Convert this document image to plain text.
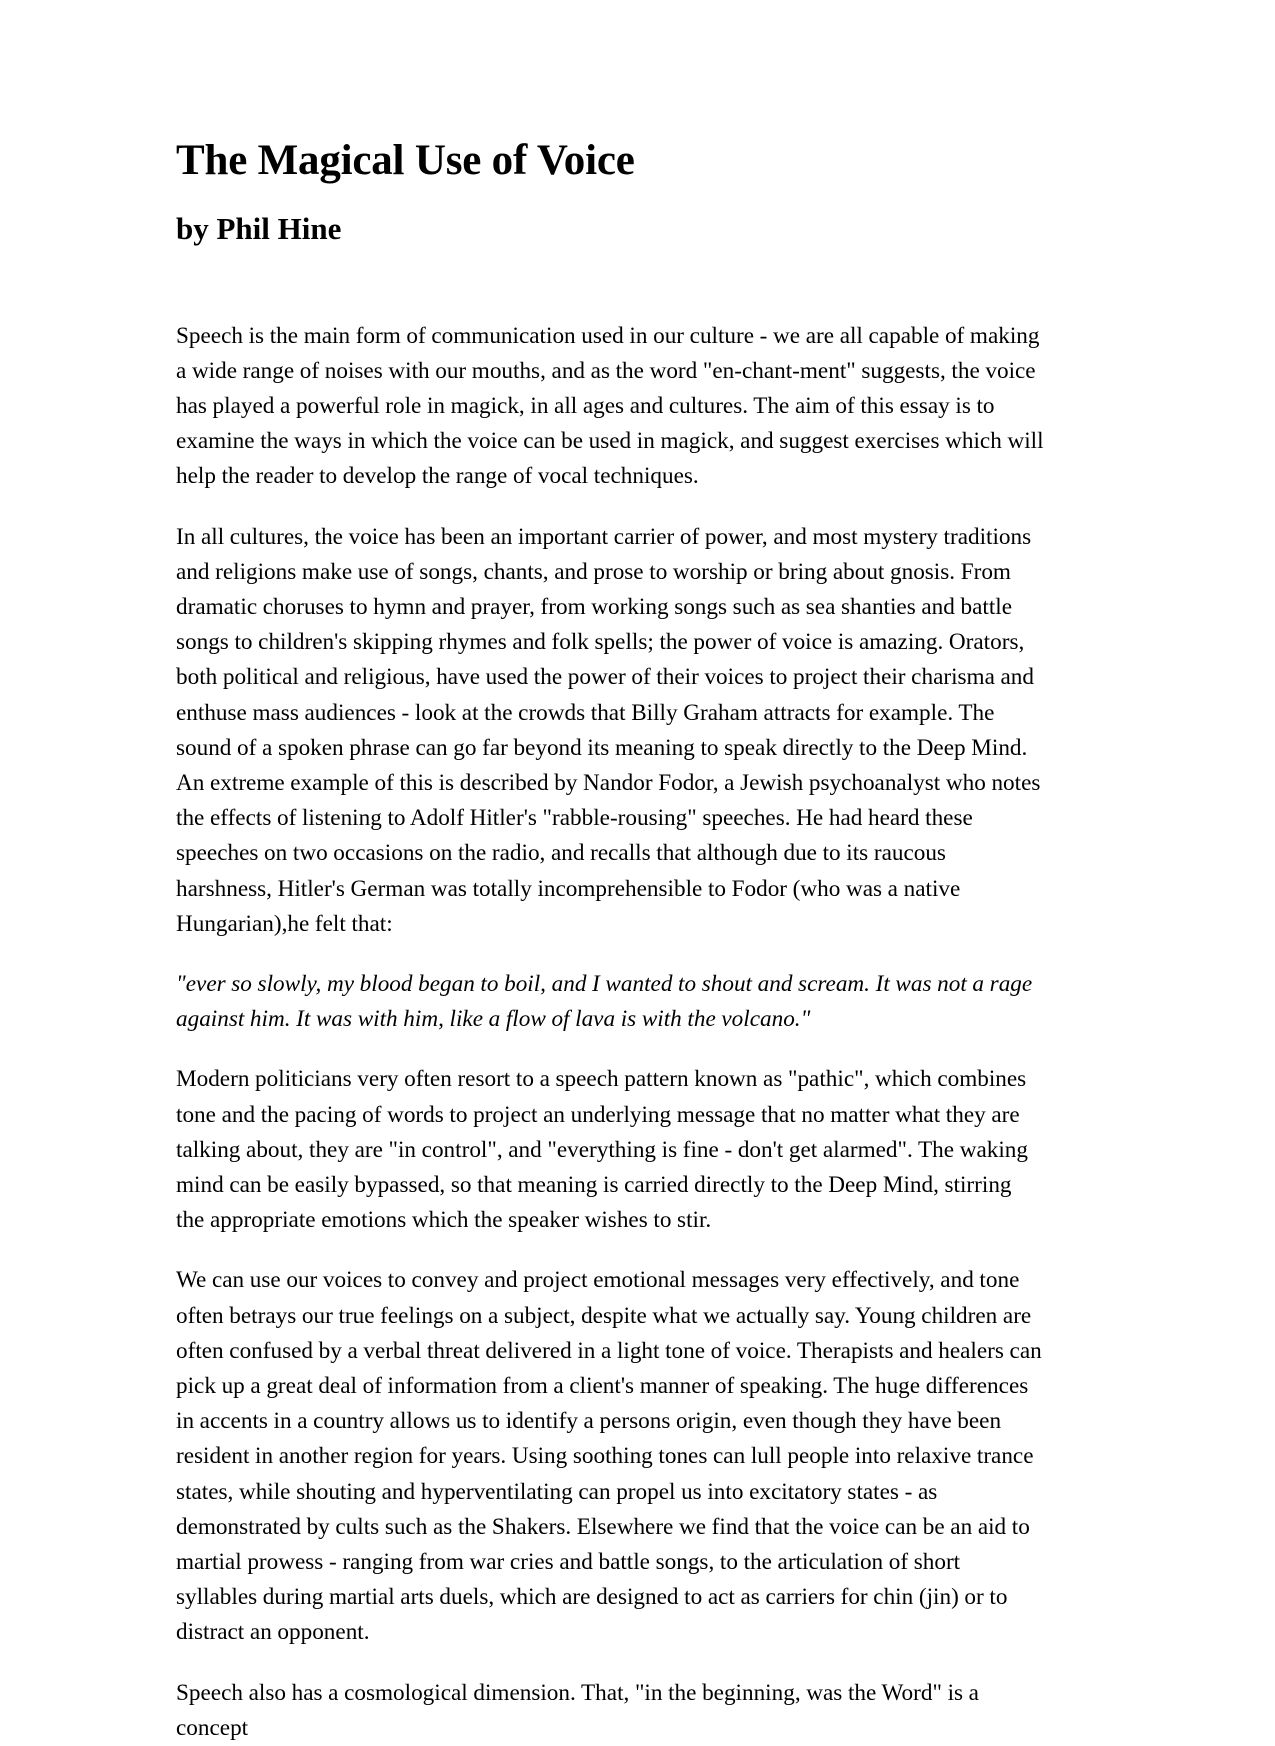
The Magical Use of Voice
by Phil Hine

Speech is the main form of communication used in our culture - we are all capable of making a wide range of noises with our mouths, and as the word "en-chant-ment" suggests, the voice has played a powerful role in magick, in all ages and cultures. The aim of this essay is to examine the ways in which the voice can be used in magick, and suggest exercises which will help the reader to develop the range of vocal techniques.

In all cultures, the voice has been an important carrier of power, and most mystery traditions and religions make use of songs, chants, and prose to worship or bring about gnosis. From dramatic choruses to hymn and prayer, from working songs such as sea shanties and battle songs to children's skipping rhymes and folk spells; the power of voice is amazing. Orators, both political and religious, have used the power of their voices to project their charisma and enthuse mass audiences - look at the crowds that Billy Graham attracts for example. The sound of a spoken phrase can go far beyond its meaning to speak directly to the Deep Mind. An extreme example of this is described by Nandor Fodor, a Jewish psychoanalyst who notes the effects of listening to Adolf Hitler's "rabble-rousing" speeches. He had heard these speeches on two occasions on the radio, and recalls that although due to its raucous harshness, Hitler's German was totally incomprehensible to Fodor (who was a native Hungarian),he felt that:

"ever so slowly, my blood began to boil, and I wanted to shout and scream. It was not a rage against him. It was with him, like a flow of lava is with the volcano."

Modern politicians very often resort to a speech pattern known as "pathic", which combines tone and the pacing of words to project an underlying message that no matter what they are talking about, they are "in control", and "everything is fine - don't get alarmed". The waking mind can be easily bypassed, so that meaning is carried directly to the Deep Mind, stirring the appropriate emotions which the speaker wishes to stir.

We can use our voices to convey and project emotional messages very effectively, and tone often betrays our true feelings on a subject, despite what we actually say. Young children are often confused by a verbal threat delivered in a light tone of voice. Therapists and healers can pick up a great deal of information from a client's manner of speaking. The huge differences in accents in a country allows us to identify a persons origin, even though they have been resident in another region for years. Using soothing tones can lull people into relaxive trance states, while shouting and hyperventilating can propel us into excitatory states - as demonstrated by cults such as the Shakers. Elsewhere we find that the voice can be an aid to martial prowess - ranging from war cries and battle songs, to the articulation of short syllables during martial arts duels, which are designed to act as carriers for chin (jin) or to distract an opponent.

Speech also has a cosmological dimension. That, "in the beginning, was the Word" is a concept
